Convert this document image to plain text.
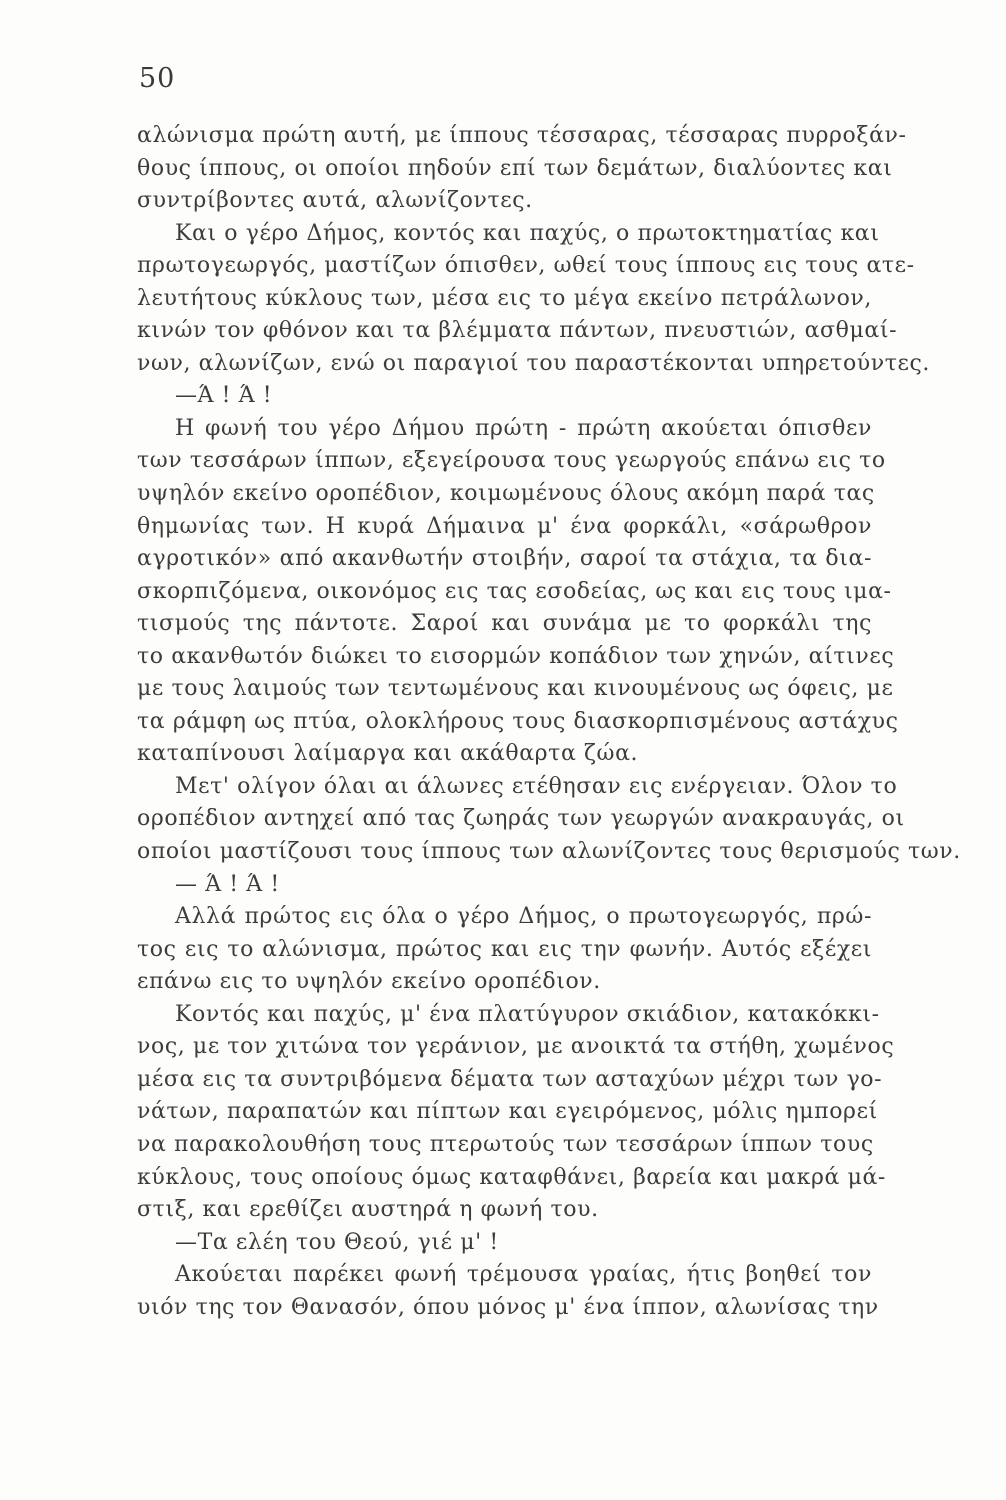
50
αλώνισμα πρώτη αυτή, με ίππους τέσσαρας, τέσσαρας πυρροξάν-
θους ίππους, οι οποίοι πηδούν επί των δεμάτων, διαλύοντες και
συντρίβοντες αυτά, αλωνίζοντες.
Και ο γέρο Δήμος, κοντός και παχύς, ο πρωτοκτηματίας και
πρωτογεωργός, μαστίζων όπισθεν, ωθεί τους ίππους εις τους ατε-
λευτήτους κύκλους των, μέσα εις το μέγα εκείνο πετράλωνον,
κινών τον φθόνον και τα βλέμματα πάντων, πνευστιών, ασθμαί-
νων, αλωνίζων, ενώ οι παραγιοί του παραστέκονται υπηρετούντες.
—Ά ! Ά !
Η φωνή του γέρο Δήμου πρώτη - πρώτη ακούεται όπισθεν
των τεσσάρων ίππων, εξεγείρουσα τους γεωργούς επάνω εις το
υψηλόν εκείνο οροπέδιον, κοιμωμένους όλους ακόμη παρά τας
θημωνίας των. Η κυρά Δήμαινα μ' ένα φορκάλι, «σάρωθρον
αγροτικόν» από ακανθωτήν στοιβήν, σαροί τα στάχια, τα δια-
σκορπιζόμενα, οικονόμος εις τας εσοδείας, ως και εις τους ιμα-
τισμούς της πάντοτε. Σαροί και συνάμα με το φορκάλι της
το ακανθωτόν διώκει το εισορμών κοπάδιον των χηνών, αίτινες
με τους λαιμούς των τεντωμένους και κινουμένους ως όφεις, με
τα ράμφη ως πτύα, ολοκλήρους τους διασκορπισμένους αστάχυς
καταπίνουσι λαίμαργα και ακάθαρτα ζώα.
Μετ' ολίγον όλαι αι άλωνες ετέθησαν εις ενέργειαν. Όλον το
οροπέδιον αντηχεί από τας ζωηράς των γεωργών ανακραυγάς, οι
οποίοι μαστίζουσι τους ίππους των αλωνίζοντες τους θερισμούς των.
— Ά ! Ά !
Αλλά πρώτος εις όλα ο γέρο Δήμος, ο πρωτογεωργός, πρώ-
τος εις το αλώνισμα, πρώτος και εις την φωνήν. Αυτός εξέχει
επάνω εις το υψηλόν εκείνο οροπέδιον.
Κοντός και παχύς, μ' ένα πλατύγυρον σκιάδιον, κατακόκκι-
νος, με τον χιτώνα τον γεράνιον, με ανοικτά τα στήθη, χωμένος
μέσα εις τα συντριβόμενα δέματα των ασταχύων μέχρι των γο-
νάτων, παραπατών και πίπτων και εγειρόμενος, μόλις ημπορεί
να παρακολουθήση τους πτερωτούς των τεσσάρων ίππων τους
κύκλους, τους οποίους όμως καταφθάνει, βαρεία και μακρά μά-
στιξ, και ερεθίζει αυστηρά η φωνή του.
—Τα ελέη του Θεού, γιέ μ' !
Ακούεται παρέκει φωνή τρέμουσα γραίας, ήτις βοηθεί τον
υιόν της τον Θανασόν, όπου μόνος μ' ένα ίππον, αλωνίσας την
